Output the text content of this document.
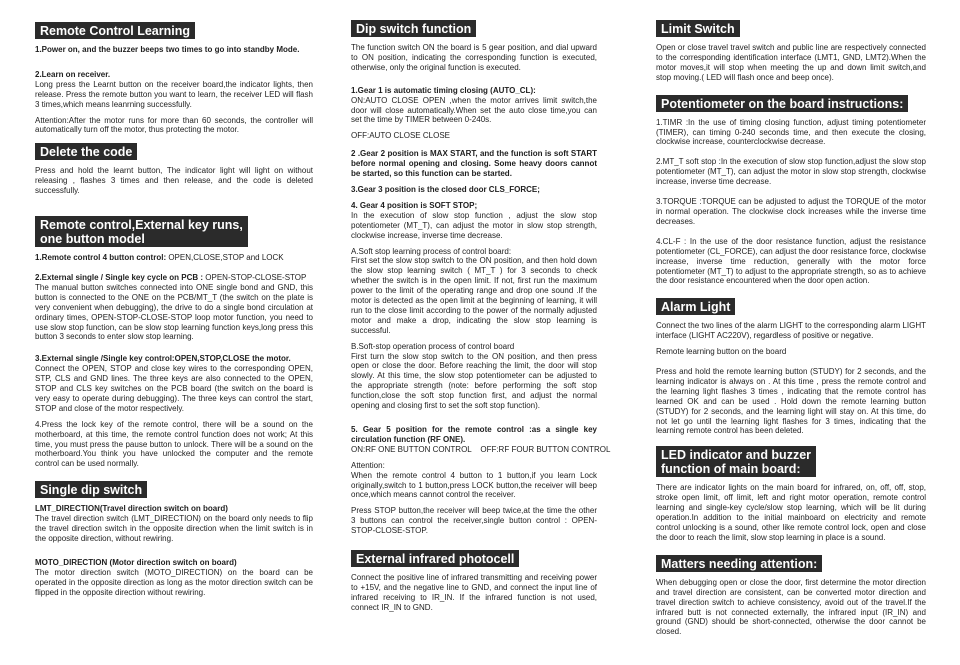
Remote Control Learning
1.Power on, and the buzzer beeps two times to go into standby Mode.
2.Learn on receiver.
Long press the Learnt button on the receiver board,the indicator lights, then release. Press the remote button you want to learn, the receiver LED will flash 3 times,which means leanrning successfully.
Attention:After the motor runs for more than 60 seconds, the controller will automatically turn off the motor, thus protecting the motor.
Delete the code
Press and hold the learnt button, The indicator light will light on without releasing , flashes 3 times and then release, and the code is deleted successfully.
Remote control,External key runs,
one button model
1.Remote control 4 button control: OPEN,CLOSE,STOP and LOCK
2.External single / Single key cycle on PCB : OPEN-STOP-CLOSE-STOP
The manual button switches connected into ONE single bond and GND, this button is connected to the ONE on the PCB/MT_T (the switch on the plate is very convenient when debugging), the drive to do a single bond circulation at ordinary times, OPEN-STOP-CLOSE-STOP loop motor function, you need to use slow stop function, can be slow stop learning function keys,long press this button 3 seconds to enter slow stop learning.
3.External single /Single key control:OPEN,STOP,CLOSE the motor.
Connect the OPEN, STOP and close key wires to the corresponding OPEN, STP, CLS and GND lines. The three keys are also connected to the OPEN, STOP and CLS key switches on the PCB board (the switch on the board is very easy to operate during debugging). The three keys can control the start, STOP and close of the motor respectively.
4.Press the lock key of the remote control, there will be a sound on the motherboard, at this time, the remote control function does not work; At this time, you must press the pause button to unlock. There will be a sound on the motherboard.You think you have unlocked the computer and the remote control can be used normally.
Single dip switch
LMT_DIRECTION(Travel direction switch on board)
The travel direction switch (LMT_DIRECTION) on the board only needs to flip the travel direction switch in the opposite direction when the limit switch is in the opposite direction, without rewiring.
MOTO_DIRECTION (Motor direction switch on board)
The motor direction switch (MOTO_DIRECTION) on the board can be operated in the opposite direction as long as the motor direction switch can be flipped in the opposite direction without rewiring.
Dip switch function
The function switch ON the board is 5 gear position, and dial upward to ON position, indicating the corresponding function is executed, otherwise, only the original function is executed.
1.Gear 1 is automatic timing closing (AUTO_CL):
ON:AUTO CLOSE OPEN ,when the motor arrives limit switch,the door will close automatically.When set the auto close time,you can set the time by TIMER between 0-240s.
OFF:AUTO CLOSE CLOSE
2 .Gear 2 position is MAX START, and the function is soft START before normal opening and closing. Some heavy doors cannot be started, so this function can be started.
3.Gear 3 position is the closed door CLS_FORCE;
4. Gear 4 position is SOFT STOP;
In the execution of slow stop function , adjust the slow stop potentiometer (MT_T), can adjust the motor in slow stop strength, clockwise increase, inverse time decrease.
A.Soft stop learning process of control board:
First set the slow stop switch to the ON position, and then hold down the slow stop learning switch ( MT_T ) for 3 seconds to check whether the switch is in the open limit. If not, first run the maximum power to the limit of the operating range and drop one sound .If the motor is detected as the open limit at the beginning of learning, it will run to the close limit according to the power of the normally adjusted motor and make a drop, indicating the slow stop learning is successful.
B.Soft-stop operation process of control board
First turn the slow stop switch to the ON position, and then press open or close the door. Before reaching the limit, the door will stop slowly. At this time, the slow stop potentiometer can be adjusted to the appropriate strength (note: before performing the soft stop function,close the soft stop function first, and adjust the normal opening and closing first to set the soft stop function).
5. Gear 5 position for the remote control :as a single key circulation function (RF ONE).
ON:RF ONE BUTTON CONTROL    OFF:RF FOUR BUTTON CONTROL
Attention:
When the remote control 4 button to 1 button,if you learn Lock originally,switch to 1 button,press LOCK button,the receiver will beep once,which means cannot control the receiver.
Press STOP button,the receiver will beep twice,at the time the other 3 buttons can control the receiver,single button control : OPEN-STOP-CLOSE-STOP.
External infrared photocell
Connect the positive line of infrared transmitting and receiving power to +15V, and the negative line to GND, and connect the input line of infrared receiving to IR_IN. If the infrared function is not used, connect IR_IN to GND.
Limit Switch
Open or close travel travel switch and public line are respectively connected to the corresponding identification interface (LMT1, GND, LMT2).When the motor moves,it will stop when meeting the up and down limit switch,and stop moving.( LED will flash once and beep once).
Potentiometer on the board instructions:
1.TIMR :In the use of timing closing function, adjust timing potentiometer (TIMER), can timing 0-240 seconds time, and then execute the closing, clockwise increase, counterclockwise decrease.
2.MT_T soft stop :In the execution of slow stop function,adjust the slow stop potentiometer (MT_T), can adjust the motor in slow stop strength, clockwise increase, inverse time decrease.
3.TORQUE :TORQUE can be adjusted to adjust the TORQUE of the motor in normal operation. The clockwise clock increases while the inverse time decreases.
4.CL-F : In the use of the door resistance function, adjust the resistance potentiometer (CL_FORCE), can adjust the door resistance force, clockwise increase, inverse time reduction, generally with the motor force potentiometer (MT_T) to adjust to the appropriate strength, so as to achieve the door resistance encountered when the door open action.
Alarm Light
Connect the two lines of the alarm LIGHT to the corresponding alarm LIGHT interface (LIGHT AC220V), regardless of positive or negative.
Remote learning button on the board
Press and hold the remote learning button (STUDY) for 2 seconds, and the learning indicator is always on . At this time , press the remote control and the learning light flashes 3 times , indicating that the remote control has learned OK and can be used . Hold down the remote learning button (STUDY) for 2 seconds, and the learning light will stay on. At this time, do not let go until the learning light flashes for 3 times, indicating that the learning remote control has been deleted.
LED indicator and buzzer
function of main board:
There are indicator lights on the main board for infrared, on, off, off, stop, stroke open limit, off limit, left and right motor operation, remote control learning and single-key cycle/slow stop learning, which will be lit during operation.In addition to the initial mainboard on electricity and remote control unlocking is a sound, other like remote control lock, open and close the door to reach the limit, slow stop learning in place is a sound.
Matters needing attention:
When debugging open or close the door, first determine the motor direction and travel direction are consistent, can be converted motor direction and travel direction switch to achieve consistency, avoid out of the travel.If the infrared butt is not connected externally, the infrared input (IR_IN) and ground (GND) should be short-connected, otherwise the door cannot be closed.
